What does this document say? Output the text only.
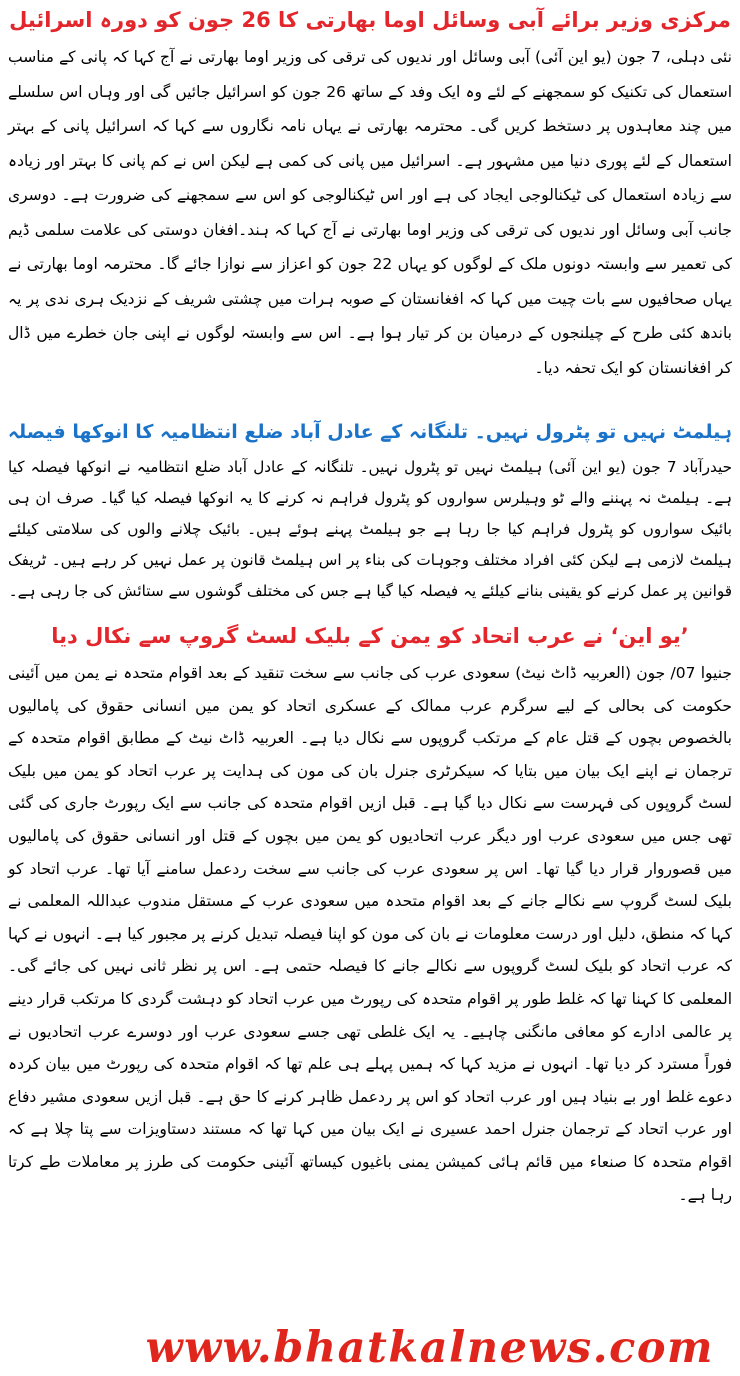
مرکزی وزیر برائے آبی وسائل اوما بھارتی کا 26 جون کو دورہ اسرائیل

نئی دہلی، 7 جون (یو این آئی) آبی وسائل اور ندیوں کی ترقی کی وزیر اوما بھارتی نے آج کہا کہ پانی کے مناسب استعمال کی تکنیک کو سمجھنے کے لئے وہ ایک وفد کے ساتھ 26 جون کو اسرائیل جائیں گی اور وہاں اس سلسلے میں چند معاہدوں پر دستخط کریں گی۔ محترمہ بھارتی نے یہاں نامہ نگاروں سے کہا کہ اسرائیل پانی کے بہتر استعمال کے لئے پوری دنیا میں مشہور ہے۔ اسرائیل میں پانی کی کمی ہے لیکن اس نے کم پانی کا بہتر اور زیادہ سے زیادہ استعمال کی ٹیکنالوجی ایجاد کی ہے اور اس ٹیکنالوجی کو اس سے سمجھنے کی ضرورت ہے۔ دوسری جانب آبی وسائل اور ندیوں کی ترقی کی وزیر اوما بھارتی نے آج کہا کہ ہند۔افغان دوستی کی علامت سلمی ڈیم کی تعمیر سے وابستہ دونوں ملک کے لوگوں کو یہاں 22 جون کو اعزاز سے نوازا جائے گا۔ محترمہ اوما بھارتی نے یہاں صحافیوں سے بات چیت میں کہا کہ افغانستان کے صوبہ ہرات میں چشتی شریف کے نزدیک ہری ندی پر یہ باندھ کئی طرح کے چیلنجوں کے درمیان بن کر تیار ہوا ہے۔ اس سے وابستہ لوگوں نے اپنی جان خطرے میں ڈال کر افغانستان کو ایک تحفہ دیا۔

ہیلمٹ نہیں تو پٹرول نہیں۔ تلنگانہ کے عادل آباد ضلع انتظامیہ کا انوکھا فیصلہ

حیدرآباد 7 جون (یو این آئی) ہیلمٹ نہیں تو پٹرول نہیں۔ تلنگانہ کے عادل آباد ضلع انتظامیہ نے انوکھا فیصلہ کیا ہے۔ ہیلمٹ نہ پہننے والے ٹو وہیلرس سواروں کو پٹرول فراہم نہ کرنے کا یہ انوکھا فیصلہ کیا گیا۔ صرف ان ہی بائیک سواروں کو پٹرول فراہم کیا جا رہا ہے جو ہیلمٹ پہنے ہوئے ہیں۔ بائیک چلانے والوں کی سلامتی کیلئے ہیلمٹ لازمی ہے لیکن کئی افراد مختلف وجوہات کی بناء پر اس ہیلمٹ قانون پر عمل نہیں کر رہے ہیں۔ ٹریفک قوانین پر عمل کرنے کو یقینی بنانے کیلئے یہ فیصلہ کیا گیا ہے جس کی مختلف گوشوں سے ستائش کی جا رہی ہے۔

’یو این‘ نے عرب اتحاد کو یمن کے بلیک لسٹ گروپ سے نکال دیا

جنیوا 07/ جون (العربیہ ڈاٹ نیٹ) سعودی عرب کی جانب سے سخت تنقید کے بعد اقوام متحدہ نے یمن میں آئینی حکومت کی بحالی کے لیے سرگرم عرب ممالک کے عسکری اتحاد کو یمن میں انسانی حقوق کی پامالیوں بالخصوص بچوں کے قتل عام کے مرتکب گروپوں سے نکال دیا ہے۔ العربیہ ڈاٹ نیٹ کے مطابق اقوام متحدہ کے ترجمان نے اپنے ایک بیان میں بتایا کہ سیکرٹری جنرل بان کی مون کی ہدایت پر عرب اتحاد کو یمن میں بلیک لسٹ گروپوں کی فہرست سے نکال دیا گیا ہے۔ قبل ازیں اقوام متحدہ کی جانب سے ایک رپورٹ جاری کی گئی تھی جس میں سعودی عرب اور دیگر عرب اتحادیوں کو یمن میں بچوں کے قتل اور انسانی حقوق کی پامالیوں میں قصوروار قرار دیا گیا تھا۔ اس پر سعودی عرب کی جانب سے سخت ردعمل سامنے آیا تھا۔ عرب اتحاد کو بلیک لسٹ گروپ سے نکالے جانے کے بعد اقوام متحدہ میں سعودی عرب کے مستقل مندوب عبداللہ المعلمی نے کہا کہ منطق، دلیل اور درست معلومات نے بان کی مون کو اپنا فیصلہ تبدیل کرنے پر مجبور کیا ہے۔ انہوں نے کہا کہ عرب اتحاد کو بلیک لسٹ گروپوں سے نکالے جانے کا فیصلہ حتمی ہے۔ اس پر نظر ثانی نہیں کی جائے گی۔ المعلمی کا کہنا تھا کہ غلط طور پر اقوام متحدہ کی رپورٹ میں عرب اتحاد کو دہشت گردی کا مرتکب قرار دینے پر عالمی ادارے کو معافی مانگنی چاہیے۔ یہ ایک غلطی تھی جسے سعودی عرب اور دوسرے عرب اتحادیوں نے فوراً مسترد کر دیا تھا۔ انہوں نے مزید کہا کہ ہمیں پہلے ہی علم تھا کہ اقوام متحدہ کی رپورٹ میں بیان کردہ دعوے غلط اور بے بنیاد ہیں اور عرب اتحاد کو اس پر ردعمل ظاہر کرنے کا حق ہے۔ قبل ازیں سعودی مشیر دفاع اور عرب اتحاد کے ترجمان جنرل احمد عسیری نے ایک بیان میں کہا تھا کہ مستند دستاویزات سے پتا چلا ہے کہ اقوام متحدہ کا صنعاء میں قائم ہائی کمیشن یمنی باغیوں کیساتھ آئینی حکومت کی طرز پر معاملات طے کرتا رہا ہے۔

www.bhatkalnews.com
